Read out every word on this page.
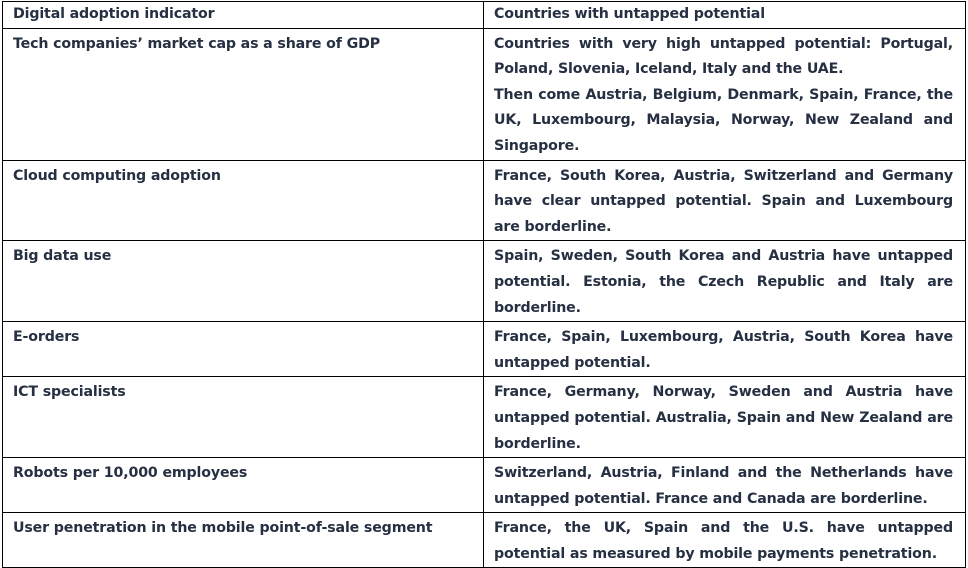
Digital adoption indicator	Countries with untapped potential
Tech companies’ market cap as a share of GDP	Countries with very high untapped potential: Portugal, Poland, Slovenia, Iceland, Italy and the UAE.
Then come Austria, Belgium, Denmark, Spain, France, the UK, Luxembourg, Malaysia, Norway, New Zealand and Singapore.

Cloud computing adoption	France, South Korea, Austria, Switzerland and Germany have clear untapped potential. Spain and Luxembourg are borderline.

Big data use	Spain, Sweden, South Korea and Austria have untapped potential. Estonia, the Czech Republic and Italy are borderline.

E-orders	France, Spain, Luxembourg, Austria, South Korea have untapped potential.

ICT specialists	France, Germany, Norway, Sweden and Austria have untapped potential. Australia, Spain and New Zealand are borderline.

Robots per 10,000 employees	Switzerland, Austria, Finland and the Netherlands have untapped potential. France and Canada are borderline.

User penetration in the mobile point-of-sale segment	France, the UK, Spain and the U.S. have untapped potential as measured by mobile payments penetration.
